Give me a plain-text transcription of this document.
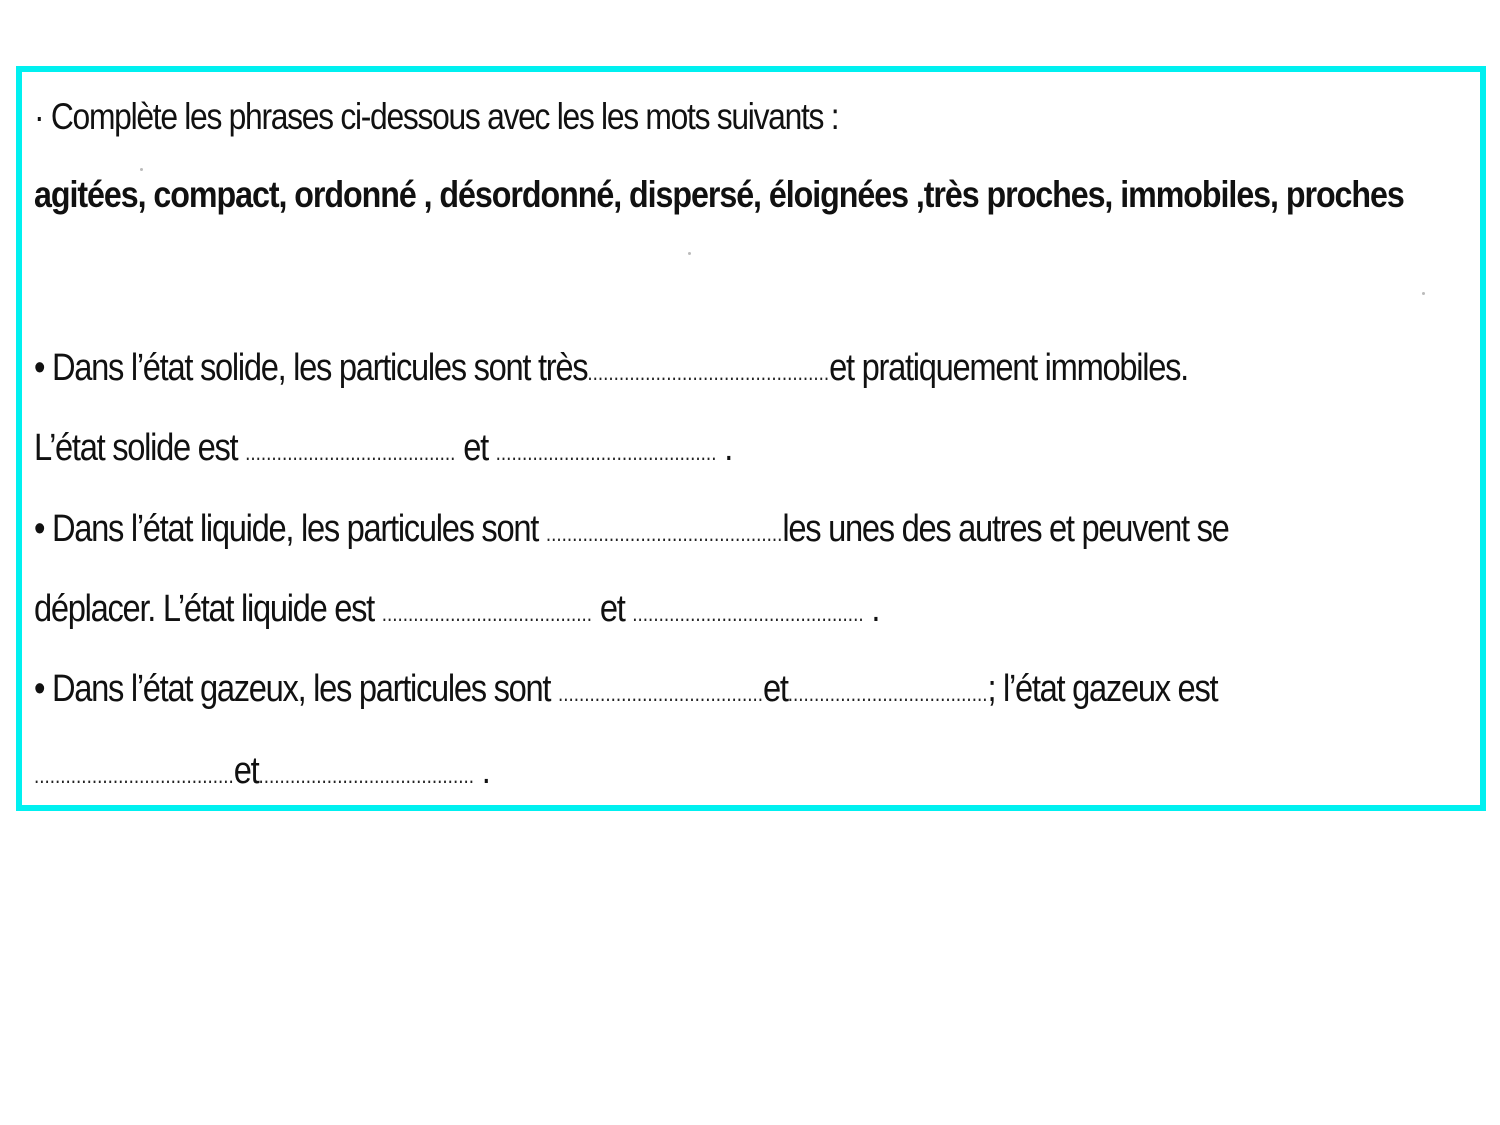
· Complète les phrases ci-dessous avec les les mots suivants :
agitées, compact, ordonné , désordonné, dispersé, éloignées ,très proches, immobiles, proches
• Dans l’état solide, les particules sont très..............................................et pratiquement immobiles.
L’état solide est ........................................ et .......................................... .
• Dans l’état liquide, les particules sont .............................................les unes des autres et peuvent se
déplacer. L’état liquide est ........................................ et ............................................ .
• Dans l’état gazeux, les particules sont .......................................et......................................; l’état gazeux est
......................................et......................................... .
